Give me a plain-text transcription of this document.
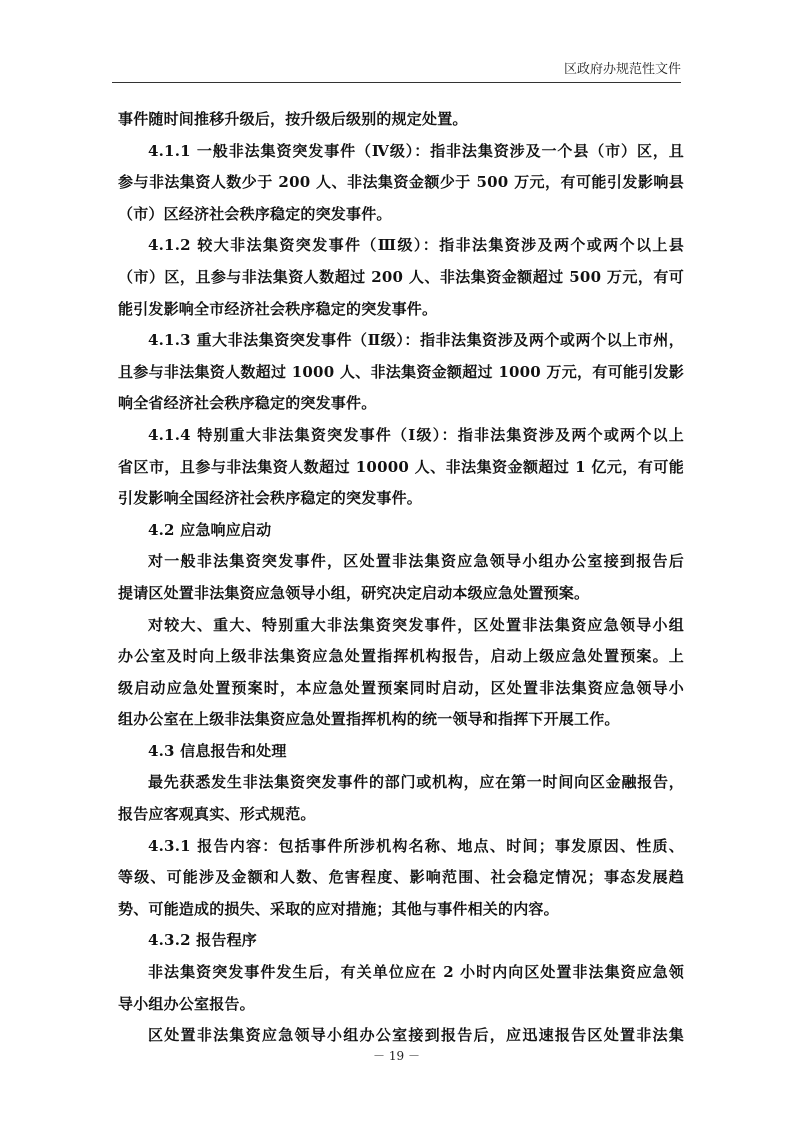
区政府办规范性文件
事件随时间推移升级后，按升级后级别的规定处置。
4.1.1 一般非法集资突发事件（Ⅳ级）：指非法集资涉及一个县（市）区，且
参与非法集资人数少于 200 人、非法集资金额少于 500 万元，有可能引发影响县
（市）区经济社会秩序稳定的突发事件。
4.1.2 较大非法集资突发事件（Ⅲ级）：指非法集资涉及两个或两个以上县
（市）区，且参与非法集资人数超过 200 人、非法集资金额超过 500 万元，有可
能引发影响全市经济社会秩序稳定的突发事件。
4.1.3 重大非法集资突发事件（Ⅱ级）：指非法集资涉及两个或两个以上市州，
且参与非法集资人数超过 1000 人、非法集资金额超过 1000 万元，有可能引发影
响全省经济社会秩序稳定的突发事件。
4.1.4 特别重大非法集资突发事件（Ⅰ级）：指非法集资涉及两个或两个以上
省区市，且参与非法集资人数超过 10000 人、非法集资金额超过 1 亿元，有可能
引发影响全国经济社会秩序稳定的突发事件。
4.2 应急响应启动
对一般非法集资突发事件，区处置非法集资应急领导小组办公室接到报告后
提请区处置非法集资应急领导小组，研究决定启动本级应急处置预案。
对较大、重大、特别重大非法集资突发事件，区处置非法集资应急领导小组
办公室及时向上级非法集资应急处置指挥机构报告，启动上级应急处置预案。上
级启动应急处置预案时，本应急处置预案同时启动，区处置非法集资应急领导小
组办公室在上级非法集资应急处置指挥机构的统一领导和指挥下开展工作。
4.3 信息报告和处理
最先获悉发生非法集资突发事件的部门或机构，应在第一时间向区金融报告，
报告应客观真实、形式规范。
4.3.1 报告内容：包括事件所涉机构名称、地点、时间；事发原因、性质、
等级、可能涉及金额和人数、危害程度、影响范围、社会稳定情况；事态发展趋
势、可能造成的损失、采取的应对措施；其他与事件相关的内容。
4.3.2 报告程序
非法集资突发事件发生后，有关单位应在 2 小时内向区处置非法集资应急领
导小组办公室报告。
区处置非法集资应急领导小组办公室接到报告后，应迅速报告区处置非法集
－ 19 －
